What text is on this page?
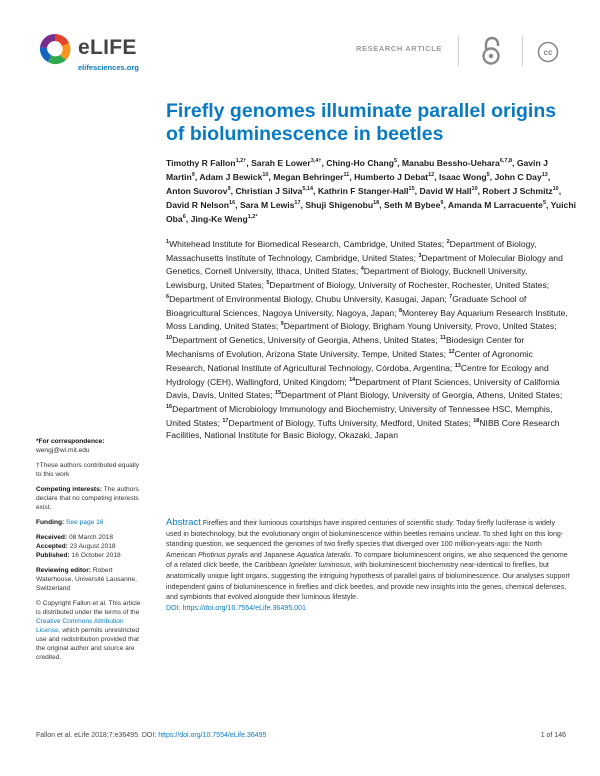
eLIFE
elifesciences.org
RESEARCH ARTICLE	cc
Firefly genomes illuminate parallel origins of bioluminescence in beetles
Timothy R Fallon$^{1,2\dagger}$, Sarah E Lower$^{3,4\dagger}$, Ching-Ho Chang$^5$, Manabu Bessho-Uehara$^{6,7,8}$, Gavin J Martin$^9$, Adam J Bewick$^{10}$, Megan Behringer$^{11}$, Humberto J Debat$^{12}$, Isaac Wong$^5$, John C Day$^{13}$, Anton Suvorov$^9$, Christian J Silva$^{5,14}$, Kathrin F Stanger-Hall$^{15}$, David W Hall$^{10}$, Robert J Schmitz$^{10}$, David R Nelson$^{16}$, Sara M Lewis$^{17}$, Shuji Shigenobu$^{18}$, Seth M Bybee$^9$, Amanda M Larracuente$^5$, Yuichi Oba$^6$, Jing-Ke Weng$^{1,2*}$
$^1$Whitehead Institute for Biomedical Research, Cambridge, United States; $^2$Department of Biology, Massachusetts Institute of Technology, Cambridge, United States; $^3$Department of Molecular Biology and Genetics, Cornell University, Ithaca, United States; $^4$Department of Biology, Bucknell University, Lewisburg, United States; $^5$Department of Biology, University of Rochester, Rochester, United States; $^6$Department of Environmental Biology, Chubu University, Kasugai, Japan; $^7$Graduate School of Bioagricultural Sciences, Nagoya University, Nagoya, Japan; $^8$Monterey Bay Aquarium Research Institute, Moss Landing, United States; $^9$Department of Biology, Brigham Young University, Provo, United States; $^{10}$Department of Genetics, University of Georgia, Athens, United States; $^{11}$Biodesign Center for Mechanisms of Evolution, Arizona State University, Tempe, United States; $^{12}$Center of Agronomic Research, National Institute of Agricultural Technology, Córdoba, Argentina; $^{13}$Centre for Ecology and Hydrology (CEH), Wallingford, United Kingdom; $^{14}$Department of Plant Sciences, University of California Davis, Davis, United States; $^{15}$Department of Plant Biology, University of Georgia, Athens, United States; $^{16}$Department of Microbiology Immunology and Biochemistry, University of Tennessee HSC, Memphis, United States; $^{17}$Department of Biology, Tufts University, Medford, United States; $^{18}$NIBB Core Research Facilities, National Institute for Basic Biology, Okazaki, Japan
*For correspondence:
wengj@wi.mit.edu
†These authors contributed equally to this work
Competing interests: The authors declare that no competing interests exist.
Funding: See page 16
Received: 08 March 2018
Accepted: 23 August 2018
Published: 16 October 2018
Reviewing editor: Robert Waterhouse, Université Lausanne, Switzerland
© Copyright Fallon et al. This article is distributed under the terms of the Creative Commons Attribution License, which permits unrestricted use and redistribution provided that the original author and source are credited.
Abstract Fireflies and their luminous courtships have inspired centuries of scientific study. Today firefly luciferase is widely used in biotechnology, but the evolutionary origin of bioluminescence within beetles remains unclear. To shed light on this long-standing question, we sequenced the genomes of two firefly species that diverged over 100 million-years-ago: the North American Photinus pyralis and Japanese Aquatica lateralis. To compare bioluminescent origins, we also sequenced the genome of a related click beetle, the Caribbean Ignelater luminosus, with bioluminescent biochemistry near-identical to fireflies, but anatomically unique light organs, suggesting the intriguing hypothesis of parallel gains of bioluminescence. Our analyses support independent gains of bioluminescence in fireflies and click beetles, and provide new insights into the genes, chemical defenses, and symbionts that evolved alongside their luminous lifestyle.
DOI: https://doi.org/10.7554/eLife.36495.001
Fallon et al. eLife 2018;7:e36495. DOI: https://doi.org/10.7554/eLife.36495	1 of 146
